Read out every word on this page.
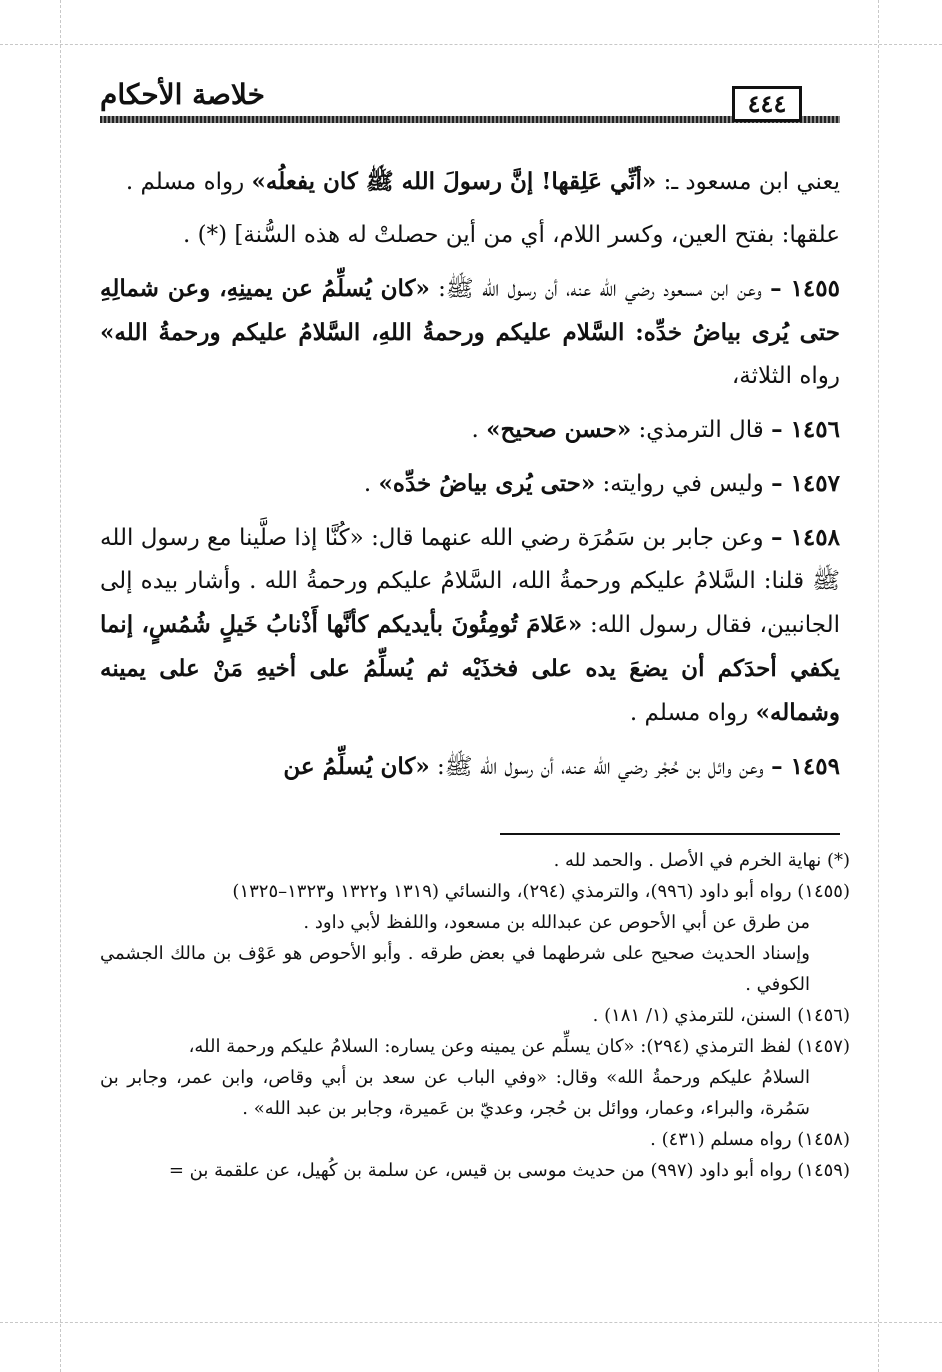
خلاصة الأحكام	٤٤٤

يعني ابن مسعود ـ: «أنِّي عَلِقها! إنَّ رسولَ الله ﷺ كان يفعلُه» رواه مسلم .

علقها: بفتح العين، وكسر اللام، أي من أين حصلتْ له هذه السُّنة] (*) .

١٤٥٥ – وعن ابن مسعود رضي الله عنه، أن رسول الله ﷺ: «كان يُسلِّمُ عن يمينِهِ، وعن شمالِهِ حتى يُرى بياضُ خدِّه: السَّلام عليكم ورحمةُ اللهِ، السَّلامُ عليكم ورحمةُ الله» رواه الثلاثة،

١٤٥٦ – قال الترمذي: «حسن صحيح» .

١٤٥٧ – وليس في روايته: «حتى يُرى بياضُ خدِّه» .

١٤٥٨ – وعن جابر بن سَمُرَة رضي الله عنهما قال: «كُنَّا إذا صلَّينا مع رسول الله ﷺ قلنا: السَّلامُ عليكم ورحمةُ الله، السَّلامُ عليكم ورحمةُ الله . وأشار بيده إلى الجانبين، فقال رسول الله: «عَلامَ تُومِئُونَ بأيديكم كأنَّها أَذْنابُ خَيلٍ شُمُسٍ، إنما يكفي أحدَكم أن يضعَ يده على فخذَيْه ثم يُسلِّمُ على أخيهِ مَنْ على يمينه وشماله» رواه مسلم .

١٤٥٩ – وعن وائل بن حُجْر رضي الله عنه، أن رسول الله ﷺ: «كان يُسلِّمُ عن

(*) نهاية الخرم في الأصل . والحمد لله .

(١٤٥٥) رواه أبو داود (٩٩٦)، والترمذي (٢٩٤)، والنسائي (١٣١٩ و١٣٢٢ و١٣٢٣–١٣٢٥)

من طرق عن أبي الأحوص عن عبدالله بن مسعود، واللفظ لأبي داود .

وإسناد الحديث صحيح على شرطهما في بعض طرقه . وأبو الأحوص هو عَوْف بن مالك الجشمي الكوفي .

(١٤٥٦) السنن، للترمذي (١/ ١٨١) .

(١٤٥٧) لفظ الترمذي (٢٩٤): «كان يسلِّم عن يمينه وعن يساره: السلامُ عليكم ورحمة الله،

السلامُ عليكم ورحمةُ الله» وقال: «وفي الباب عن سعد بن أبي وقاص، وابن عمر، وجابر بن سَمُرة، والبراء، وعمار، ووائل بن حُجر، وعديّ بن عَميرة، وجابر بن عبد الله» .

(١٤٥٨) رواه مسلم (٤٣١) .

(١٤٥٩) رواه أبو داود (٩٩٧) من حديث موسى بن قيس، عن سلمة بن كُهيل، عن علقمة بن =
